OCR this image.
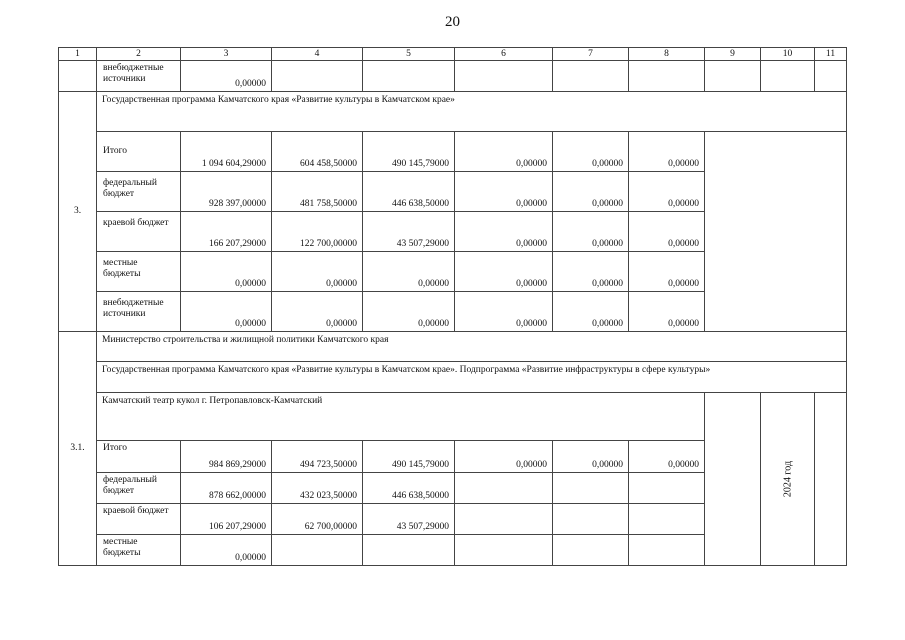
20
1	2	3	4	5	6	7	8	9	10	11
	внебюджетные источники	0,00000								
3.	Государственная программа Камчатского края «Развитие культуры в Камчатском крае»									
	Итого	1 094 604,29000	604 458,50000	490 145,79000	0,00000	0,00000	0,00000			
	федеральный бюджет	928 397,00000	481 758,50000	446 638,50000	0,00000	0,00000	0,00000			
	краевой бюджет	166 207,29000	122 700,00000	43 507,29000	0,00000	0,00000	0,00000			
	местные бюджеты	0,00000	0,00000	0,00000	0,00000	0,00000	0,00000			
	внебюджетные источники	0,00000	0,00000	0,00000	0,00000	0,00000	0,00000			
3.1.	Министерство строительства и жилищной политики Камчатского края									
	Государственная программа Камчатского края «Развитие культуры в Камчатском крае». Подпрограмма «Развитие инфраструктуры в сфере культуры»									
	Камчатский театр кукол г. Петропавловск-Камчатский								2024 год	

	Итого	984 869,29000	494 723,50000	490 145,79000	0,00000	0,00000	0,00000			
	федеральный бюджет	878 662,00000	432 023,50000	446 638,50000						
	краевой бюджет	106 207,29000	62 700,00000	43 507,29000						
	местные бюджеты	0,00000								
